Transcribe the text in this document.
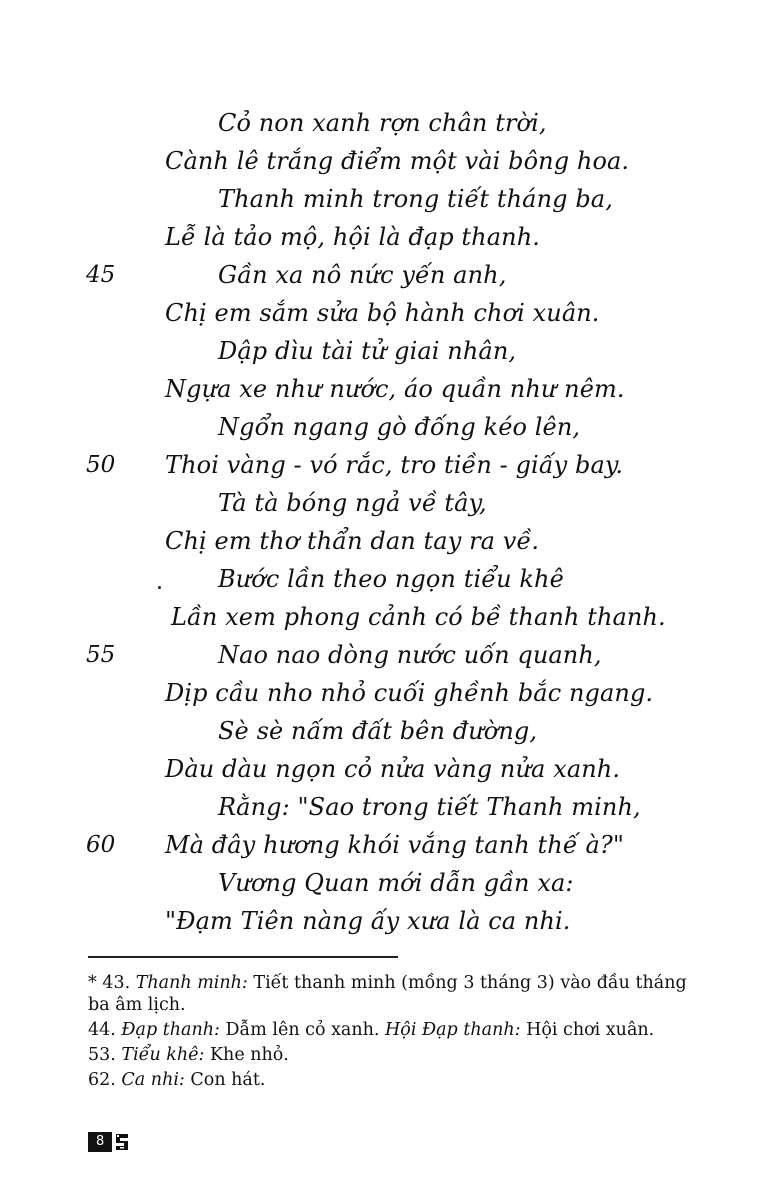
Cỏ non xanh rợn chân trời,
Cành lê trắng điểm một vài bông hoa.
Thanh minh trong tiết tháng ba,
Lễ là tảo mộ, hội là đạp thanh.
45	Gần xa nô nức yến anh,
Chị em sắm sửa bộ hành chơi xuân.
Dập dìu tài tử giai nhân,
Ngựa xe như nước, áo quần như nêm.
Ngổn ngang gò đống kéo lên,
50 Thoi vàng - vó rắc, tro tiền - giấy bay.
Tà tà bóng ngả về tây,
Chị em thơ thẩn dan tay ra về.
Bước lần theo ngọn tiểu khê
Lần xem phong cảnh có bề thanh thanh.
55	Nao nao dòng nước uốn quanh,
Dịp cầu nho nhỏ cuối ghềnh bắc ngang.
Sè sè nấm đất bên đường,
Dàu dàu ngọn cỏ nửa vàng nửa xanh.
Rằng: "Sao trong tiết Thanh minh,
60 Mà đây hương khói vắng tanh thế à?"
Vương Quan mới dẫn gần xa:
"Đạm Tiên nàng ấy xưa là ca nhi.

* 43. Thanh minh: Tiết thanh minh (mồng 3 tháng 3) vào đầu tháng ba âm lịch.

44. Đạp thanh: Dẫm lên cỏ xanh. Hội Đạp thanh: Hội chơi xuân.

53. Tiểu khê: Khe nhỏ.

62. Ca nhi: Con hát.

8
